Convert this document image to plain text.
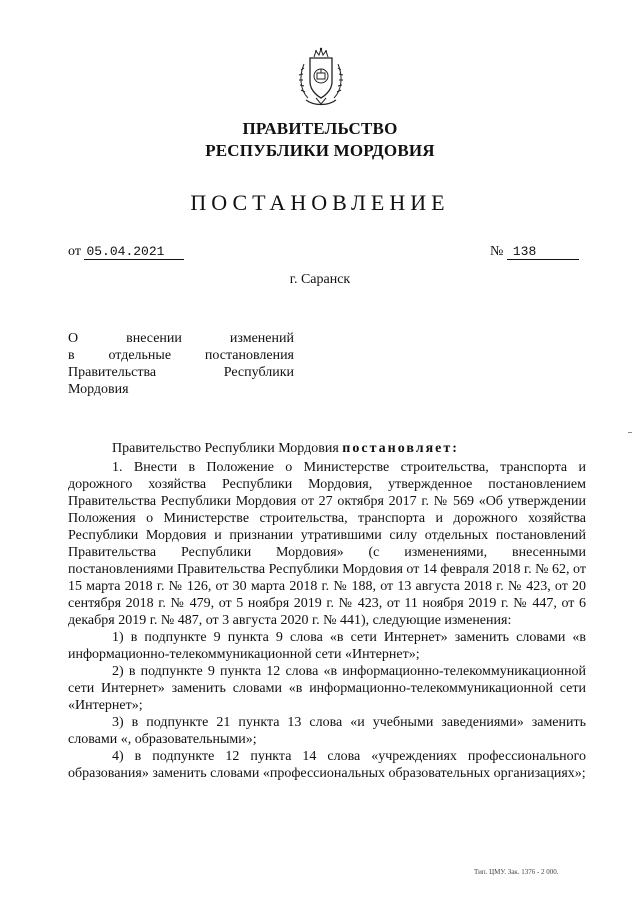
ПРАВИТЕЛЬСТВО
РЕСПУБЛИКИ МОРДОВИЯ
ПОСТАНОВЛЕНИЕ
от 05.04.2021	№ 138
г. Саранск
О внесении изменений
в отдельные постановления
Правительства Республики
Мордовия

Правительство Республики Мордовия постановляет:

1. Внести в Положение о Министерстве строительства, транспорта и дорожного хозяйства Республики Мордовия, утвержденное постановлением Правительства Республики Мордовия от 27 октября 2017 г. № 569 «Об утверждении Положения о Министерстве строительства, транспорта и дорожного хозяйства Республики Мордовия и признании утратившими силу отдельных постановлений Правительства Республики Мордовия» (с изменениями, внесенными постановлениями Правительства Республики Мордовия от 14 февраля 2018 г. № 62, от 15 марта 2018 г. № 126, от 30 марта 2018 г. № 188, от 13 августа 2018 г. № 423, от 20 сентября 2018 г. № 479, от 5 ноября 2019 г. № 423, от 11 ноября 2019 г. № 447, от 6 декабря 2019 г. № 487, от 3 августа 2020 г. № 441), следующие изменения:

1) в подпункте 9 пункта 9 слова «в сети Интернет» заменить словами «в информационно-телекоммуникационной сети «Интернет»;

2) в подпункте 9 пункта 12 слова «в информационно-телекоммуникационной сети Интернет» заменить словами «в информационно-телекоммуникационной сети «Интернет»;

3) в подпункте 21 пункта 13 слова «и учебными заведениями» заменить словами «, образовательными»;

4) в подпункте 12 пункта 14 слова «учреждениях профессионального образования» заменить словами «профессиональных образовательных организациях»;

Тип. ЦМУ. Зак. 1376 - 2 000.
